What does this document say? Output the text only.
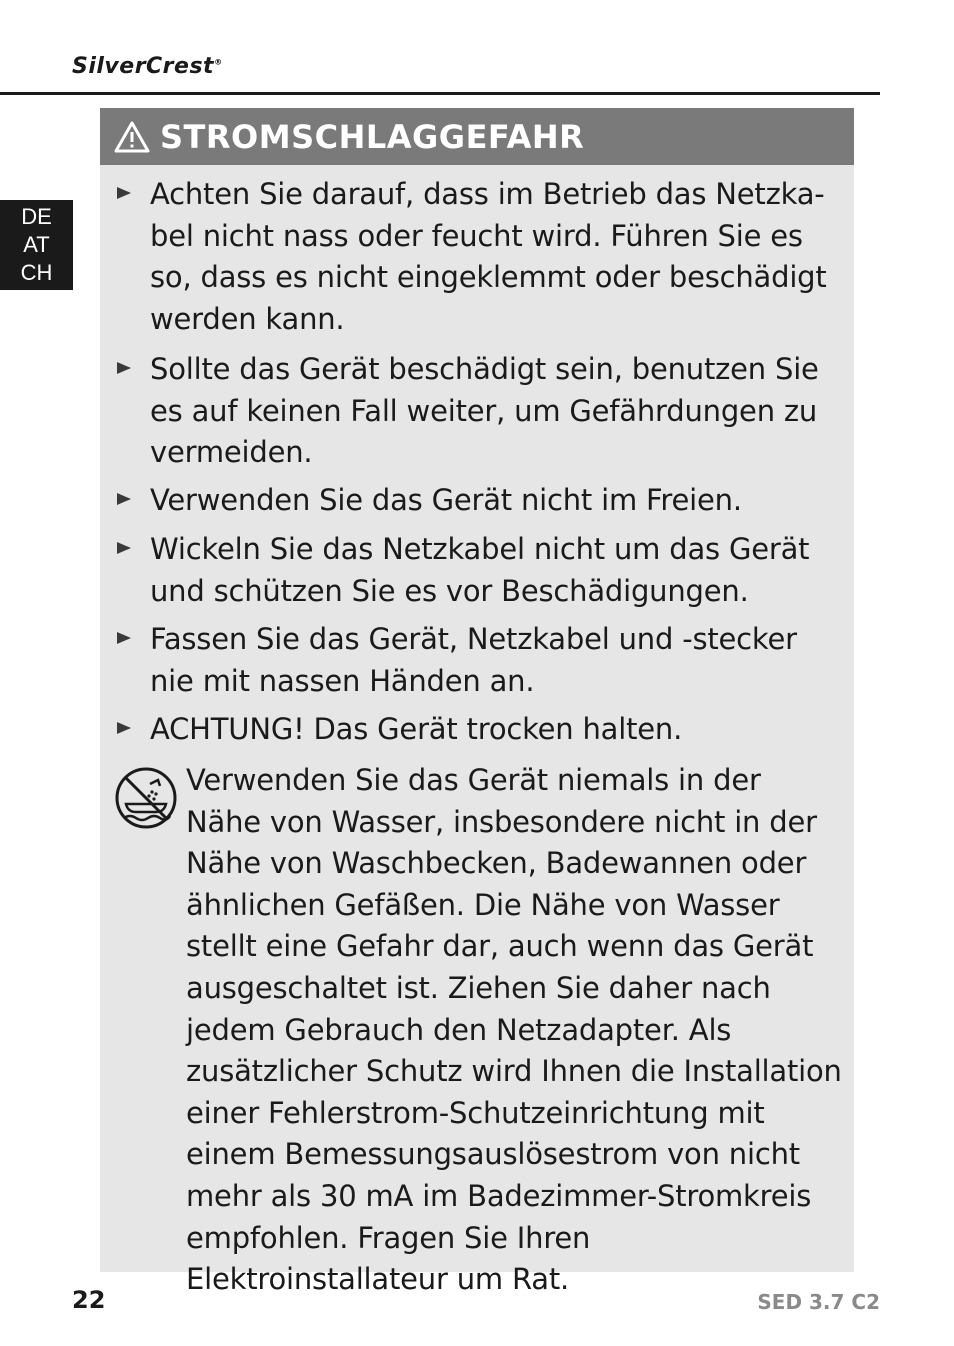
SilverCrest®
DE
AT
CH
STROMSCHLAGGEFAHR
Achten Sie darauf, dass im Betrieb das Netzka-bel nicht nass oder feucht wird. Führen Sie es so, dass es nicht eingeklemmt oder beschädigt werden kann.
Sollte das Gerät beschädigt sein, benutzen Sie es auf keinen Fall weiter, um Gefährdungen zu vermeiden.
Verwenden Sie das Gerät nicht im Freien.
Wickeln Sie das Netzkabel nicht um das Gerät und schützen Sie es vor Beschädigungen.
Fassen Sie das Gerät, Netzkabel und -stecker nie mit nassen Händen an.
ACHTUNG! Das Gerät trocken halten.
Verwenden Sie das Gerät niemals in der Nähe von Wasser, insbesondere nicht in der Nähe von Waschbecken, Badewannen oder ähnlichen Gefäßen. Die Nähe von Wasser stellt eine Gefahr dar, auch wenn das Gerät ausgeschaltet ist. Ziehen Sie daher nach jedem Gebrauch den Netzadapter. Als zusätzlicher Schutz wird Ihnen die Installation einer Fehlerstrom-Schutzeinrichtung mit einem Bemessungsauslösestrom von nicht mehr als 30 mA im Badezimmer-Stromkreis empfohlen. Fragen Sie Ihren Elektroinstallateur um Rat.
22	SED 3.7 C2
